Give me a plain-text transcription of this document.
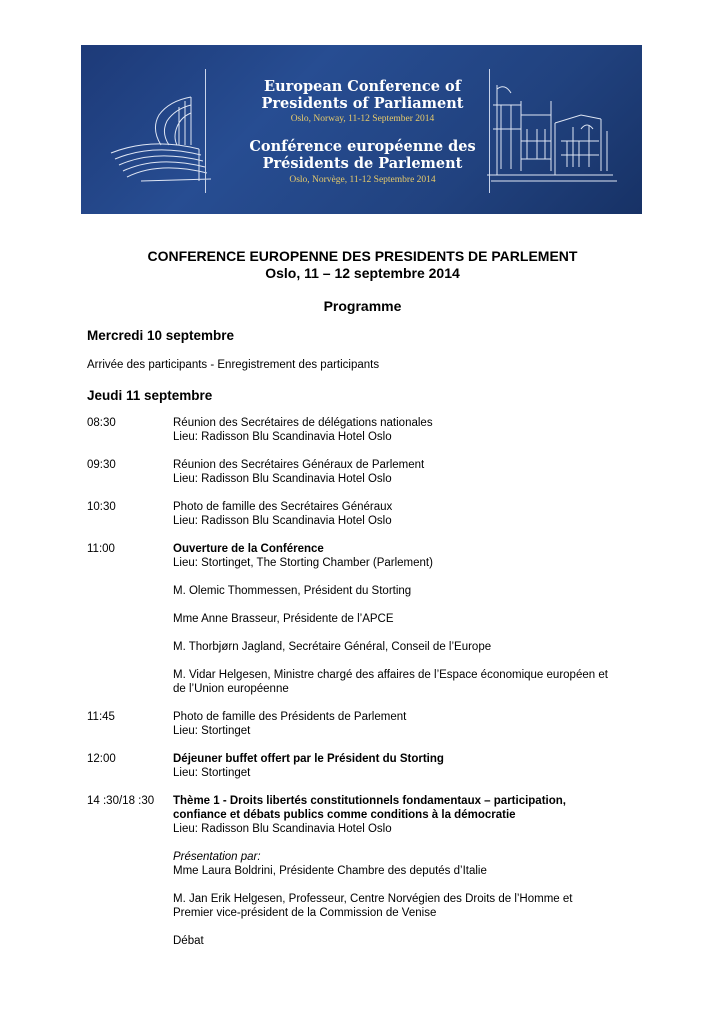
European Conference of
Presidents of Parliament
Oslo, Norway, 11-12 September 2014
Conférence européenne des
Présidents de Parlement
Oslo, Norvège, 11-12 Septembre 2014
CONFERENCE EUROPENNE DES PRESIDENTS DE PARLEMENT
Oslo, 11 – 12 septembre 2014
Programme
Mercredi 10 septembre
Arrivée des participants - Enregistrement des participants
Jeudi 11 septembre
08:30	Réunion des Secrétaires de délégations nationales
Lieu: Radisson Blu Scandinavia Hotel Oslo
09:30	Réunion des Secrétaires Généraux de Parlement
Lieu: Radisson Blu Scandinavia Hotel Oslo
10:30	Photo de famille des Secrétaires Généraux
Lieu: Radisson Blu Scandinavia Hotel Oslo
11:00	Ouverture de la Conférence
Lieu: Stortinget, The Storting Chamber (Parlement)
M. Olemic Thommessen, Président du Storting
Mme Anne Brasseur, Présidente de l’APCE
M. Thorbjørn Jagland, Secrétaire Général, Conseil de l’Europe
M. Vidar Helgesen, Ministre chargé des affaires de l’Espace économique européen et
de l’Union européenne
11:45	Photo de famille des Présidents de Parlement
Lieu: Stortinget
12:00	Déjeuner buffet offert par le Président du Storting
Lieu: Stortinget
14 :30/18 :30 Thème 1 - Droits libertés constitutionnels fondamentaux – participation,
confiance et débats publics comme conditions à la démocratie
Lieu: Radisson Blu Scandinavia Hotel Oslo
Présentation par:
Mme Laura Boldrini, Présidente Chambre des deputés d’Italie
M. Jan Erik Helgesen, Professeur, Centre Norvégien des Droits de l’Homme et
Premier vice-président de la Commission de Venise
Débat
